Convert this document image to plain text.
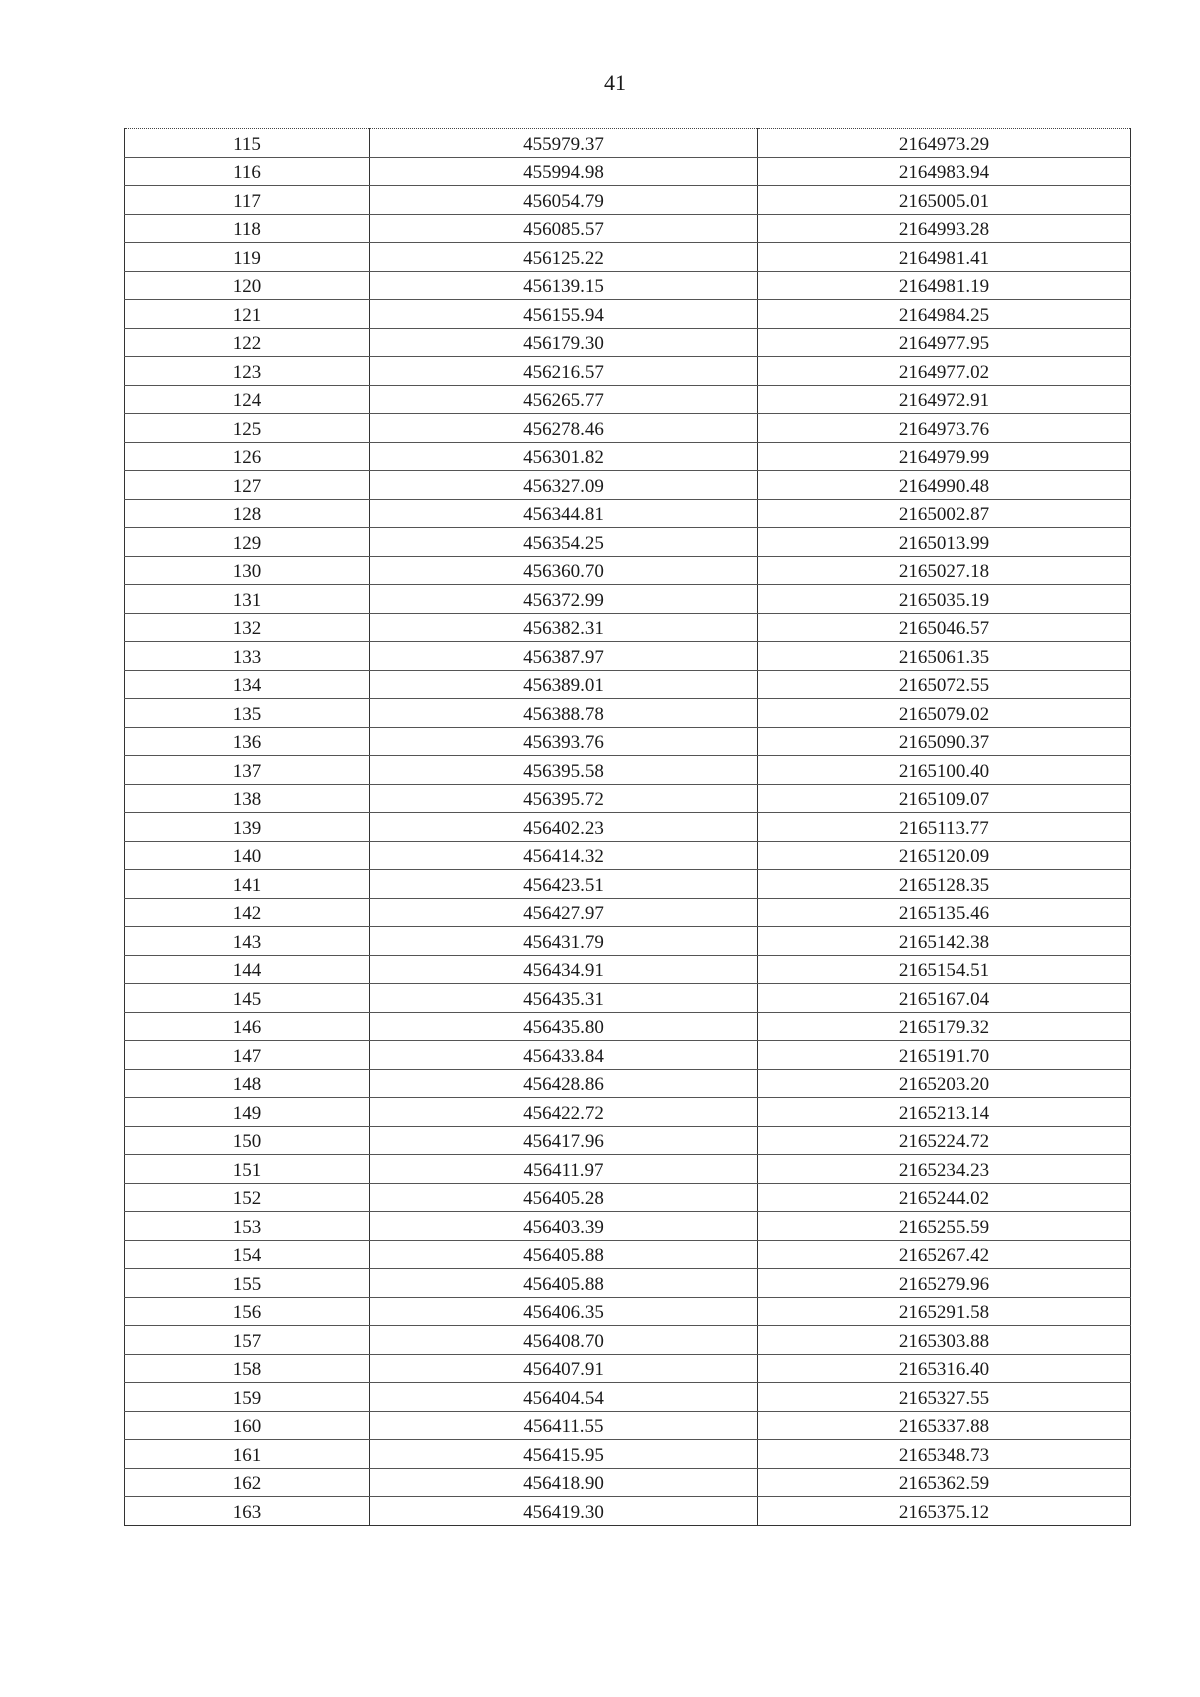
41
115	455979.37	2164973.29
116	455994.98	2164983.94
117	456054.79	2165005.01
118	456085.57	2164993.28
119	456125.22	2164981.41
120	456139.15	2164981.19
121	456155.94	2164984.25
122	456179.30	2164977.95
123	456216.57	2164977.02
124	456265.77	2164972.91
125	456278.46	2164973.76
126	456301.82	2164979.99
127	456327.09	2164990.48
128	456344.81	2165002.87
129	456354.25	2165013.99
130	456360.70	2165027.18
131	456372.99	2165035.19
132	456382.31	2165046.57
133	456387.97	2165061.35
134	456389.01	2165072.55
135	456388.78	2165079.02
136	456393.76	2165090.37
137	456395.58	2165100.40
138	456395.72	2165109.07
139	456402.23	2165113.77
140	456414.32	2165120.09
141	456423.51	2165128.35
142	456427.97	2165135.46
143	456431.79	2165142.38
144	456434.91	2165154.51
145	456435.31	2165167.04
146	456435.80	2165179.32
147	456433.84	2165191.70
148	456428.86	2165203.20
149	456422.72	2165213.14
150	456417.96	2165224.72
151	456411.97	2165234.23
152	456405.28	2165244.02
153	456403.39	2165255.59
154	456405.88	2165267.42
155	456405.88	2165279.96
156	456406.35	2165291.58
157	456408.70	2165303.88
158	456407.91	2165316.40
159	456404.54	2165327.55
160	456411.55	2165337.88
161	456415.95	2165348.73
162	456418.90	2165362.59
163	456419.30	2165375.12
